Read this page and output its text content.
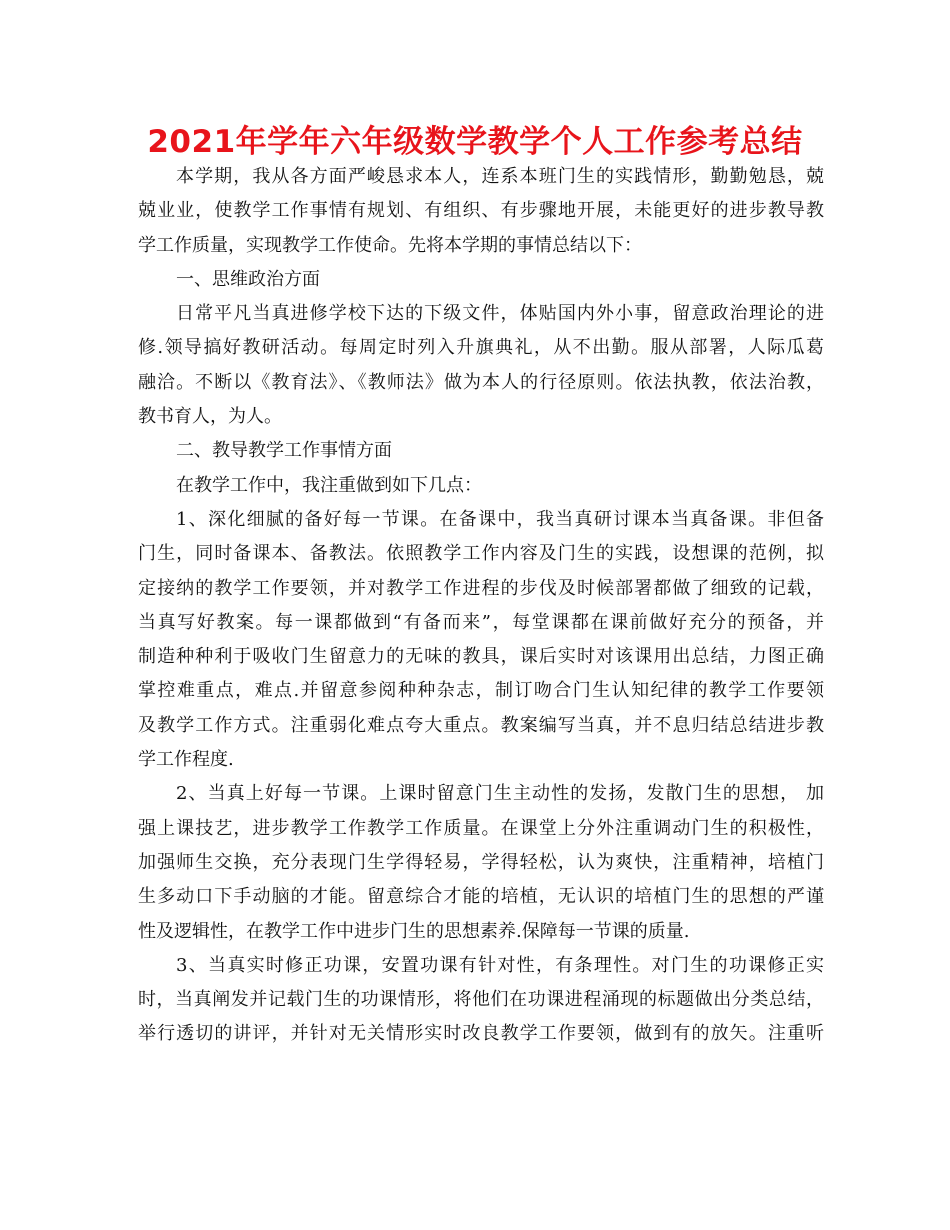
2021年学年六年级数学教学个人工作参考总结
本学期，我从各方面严峻恳求本人，连系本班门生的实践情形，勤勤勉恳，兢
兢业业，使教学工作事情有规划、有组织、有步骤地开展，未能更好的进步教导教
学工作质量，实现教学工作使命。先将本学期的事情总结以下：
一、思维政治方面
日常平凡当真进修学校下达的下级文件，体贴国内外小事，留意政治理论的进
修.领导搞好教研活动。每周定时列入升旗典礼，从不出勤。服从部署，人际瓜葛
融洽。不断以《教育法》、《教师法》做为本人的行径原则。依法执教，依法治教，
教书育人，为人。
二、教导教学工作事情方面
在教学工作中，我注重做到如下几点：
1、深化细腻的备好每一节课。在备课中，我当真研讨课本当真备课。非但备
门生，同时备课本、备教法。依照教学工作内容及门生的实践，设想课的范例，拟
定接纳的教学工作要领，并对教学工作进程的步伐及时候部署都做了细致的记载，
当真写好教案。每一课都做到“有备而来”，每堂课都在课前做好充分的预备，并
制造种种利于吸收门生留意力的无味的教具，课后实时对该课用出总结，力图正确
掌控难重点，难点.并留意参阅种种杂志，制订吻合门生认知纪律的教学工作要领
及教学工作方式。注重弱化难点夸大重点。教案编写当真，并不息归结总结进步教
学工作程度.
2、当真上好每一节课。上课时留意门生主动性的发扬，发散门生的思想， 加
强上课技艺，进步教学工作教学工作质量。在课堂上分外注重调动门生的积极性，
加强师生交换，充分表现门生学得轻易，学得轻松，认为爽快，注重精神，培植门
生多动口下手动脑的才能。留意综合才能的培植，无认识的培植门生的思想的严谨
性及逻辑性，在教学工作中进步门生的思想素养.保障每一节课的质量.
3、当真实时修正功课，安置功课有针对性，有条理性。对门生的功课修正实
时，当真阐发并记载门生的功课情形，将他们在功课进程涌现的标题做出分类总结，
举行透切的讲评，并针对无关情形实时改良教学工作要领，做到有的放矢。注重听
